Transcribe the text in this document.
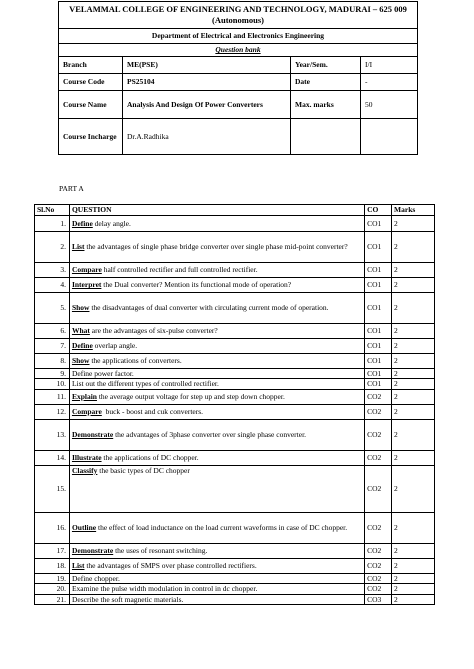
VELAMMAL COLLEGE OF ENGINEERING AND TECHNOLOGY, MADURAI – 625 009 (Autonomous)			
Department of Electrical and Electronics Engineering			
Question bank			
Branch	ME(PSE)	Year/Sem.	I/I
Course Code	PS25104	Date	-
Course Name	Analysis And Design Of Power Converters	Max. marks	50
Course Incharge	Dr.A.Radhika		
PART A
Sl.No	QUESTION	CO	Marks
1.	Define delay angle.	CO1	2
2.	List the advantages of single phase bridge converter over single phase mid-point converter?	CO1	2
3.	Compare half controlled rectifier and full controlled rectifier.	CO1	2
4.	Interpret the Dual converter? Mention its functional mode of operation?	CO1	2
5.	Show the disadvantages of dual converter with circulating current mode of operation.	CO1	2
6.	What are the advantages of six-pulse converter?	CO1	2
7.	Define overlap angle.	CO1	2
8.	Show the applications of converters.	CO1	2
9.	Define power factor.	CO1	2
10.	List out the different types of controlled rectifier.	CO1	2
11.	Explain the average output voltage for step up and step down chopper.	CO2	2
12.	Compare  buck - boost and cuk converters.	CO2	2
13.	Demonstrate the advantages of 3phase converter over single phase converter.	CO2	2
14.	Illustrate the applications of DC chopper.	CO2	2
15.	Classify the basic types of DC chopper	CO2	2
16.	Outline the effect of load inductance on the load current waveforms in case of DC chopper.	CO2	2
17.	Demonstrate the uses of resonant switching.	CO2	2
18.	List the advantages of SMPS over phase controlled rectifiers.	CO2	2
19.	Define chopper.	CO2	2
20.	Examine the pulse width modulation in control in dc chopper.	CO2	2
21.	Describe the soft magnetic materials.	CO3	2
